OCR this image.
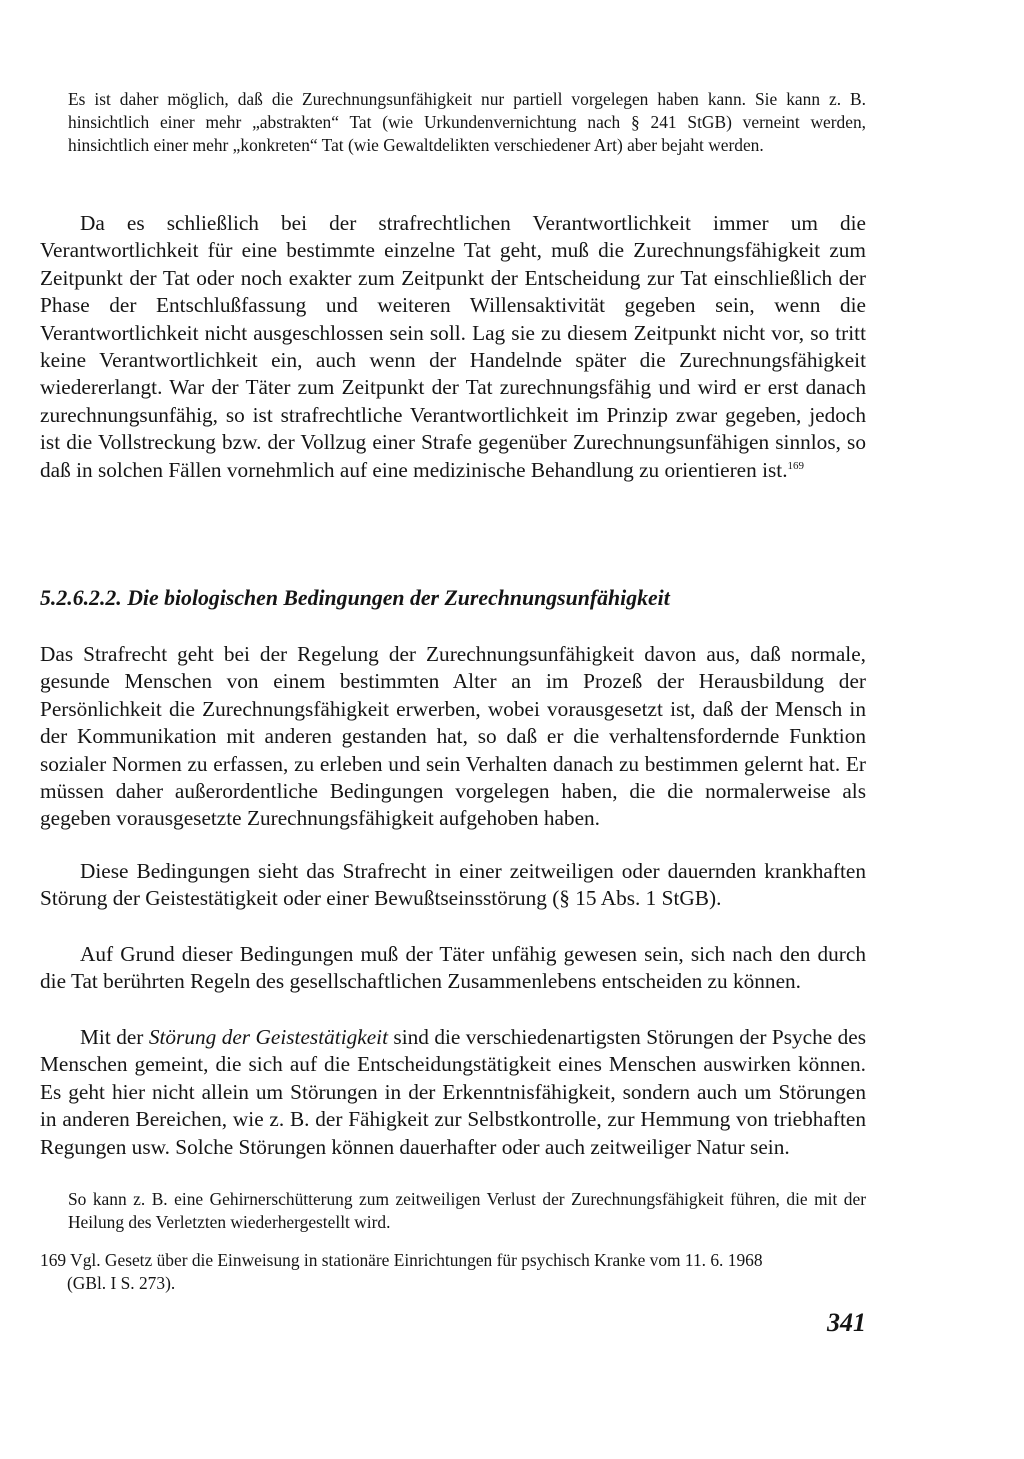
Es ist daher möglich, daß die Zurechnungsunfähigkeit nur partiell vorgelegen haben kann. Sie kann z. B. hinsichtlich einer mehr „abstrakten“ Tat (wie Urkundenvernichtung nach § 241 StGB) verneint werden, hinsichtlich einer mehr „konkreten“ Tat (wie Gewaltdelikten verschiedener Art) aber bejaht werden.

Da es schließlich bei der strafrechtlichen Verantwortlichkeit immer um die Verantwortlichkeit für eine bestimmte einzelne Tat geht, muß die Zurechnungsfähigkeit zum Zeitpunkt der Tat oder noch exakter zum Zeitpunkt der Entscheidung zur Tat einschließlich der Phase der Entschlußfassung und weiteren Willensaktivität gegeben sein, wenn die Verantwortlichkeit nicht ausgeschlossen sein soll. Lag sie zu diesem Zeitpunkt nicht vor, so tritt keine Verantwortlichkeit ein, auch wenn der Handelnde später die Zurechnungsfähigkeit wiedererlangt. War der Täter zum Zeitpunkt der Tat zurechnungsfähig und wird er erst danach zurechnungsunfähig, so ist strafrechtliche Verantwortlichkeit im Prinzip zwar gegeben, jedoch ist die Vollstreckung bzw. der Vollzug einer Strafe gegenüber Zurechnungsunfähigen sinnlos, so daß in solchen Fällen vornehmlich auf eine medizinische Behandlung zu orientieren ist.$^{169}$

5.2.6.2.2. Die biologischen Bedingungen der Zurechnungsunfähigkeit

Das Strafrecht geht bei der Regelung der Zurechnungsunfähigkeit davon aus, daß normale, gesunde Menschen von einem bestimmten Alter an im Prozeß der Herausbildung der Persönlichkeit die Zurechnungsfähigkeit erwerben, wobei vorausgesetzt ist, daß der Mensch in der Kommunikation mit anderen gestanden hat, so daß er die verhaltensfordernde Funktion sozialer Normen zu erfassen, zu erleben und sein Verhalten danach zu bestimmen gelernt hat. Er müssen daher außerordentliche Bedingungen vorgelegen haben, die die normalerweise als gegeben vorausgesetzte Zurechnungsfähigkeit aufgehoben haben.

Diese Bedingungen sieht das Strafrecht in einer zeitweiligen oder dauernden krankhaften Störung der Geistestätigkeit oder einer Bewußtseinsstörung (§ 15 Abs. 1 StGB).

Auf Grund dieser Bedingungen muß der Täter unfähig gewesen sein, sich nach den durch die Tat berührten Regeln des gesellschaftlichen Zusammenlebens entscheiden zu können.

Mit der Störung der Geistestätigkeit sind die verschiedenartigsten Störungen der Psyche des Menschen gemeint, die sich auf die Entscheidungstätigkeit eines Menschen auswirken können. Es geht hier nicht allein um Störungen in der Erkenntnisfähigkeit, sondern auch um Störungen in anderen Bereichen, wie z. B. der Fähigkeit zur Selbstkontrolle, zur Hemmung von triebhaften Regungen usw. Solche Störungen können dauerhafter oder auch zeitweiliger Natur sein.

So kann z. B. eine Gehirnerschütterung zum zeitweiligen Verlust der Zurechnungsfähigkeit führen, die mit der Heilung des Verletzten wiederhergestellt wird.

169 Vgl. Gesetz über die Einweisung in stationäre Einrichtungen für psychisch Kranke vom 11. 6. 1968
(GBl. I S. 273).
341
